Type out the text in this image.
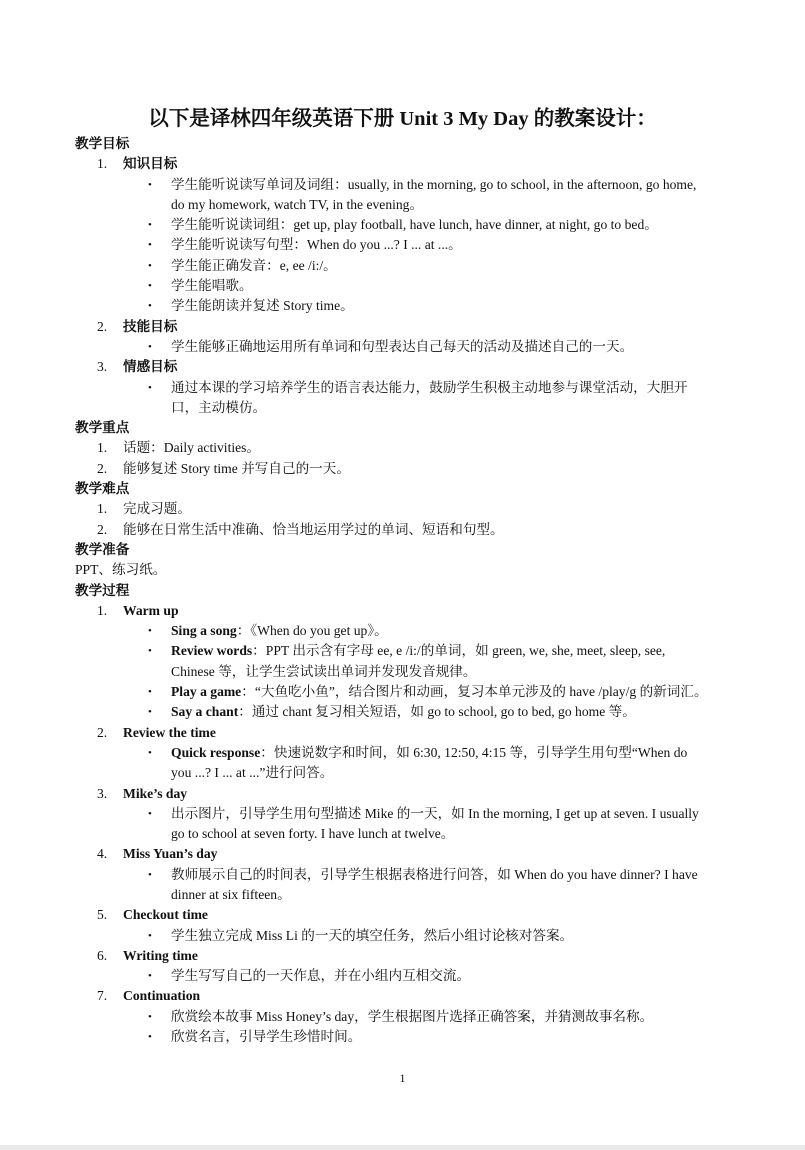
以下是译林四年级英语下册 Unit 3 My Day 的教案设计：
教学目标
1. 知识目标
• 学生能听说读写单词及词组：usually, in the morning, go to school, in the afternoon, go home,
do my homework, watch TV, in the evening。
• 学生能听说读词组：get up, play football, have lunch, have dinner, at night, go to bed。
• 学生能听说读写句型：When do you ...? I ... at ...。
• 学生能正确发音：e, ee /i:/。
• 学生能唱歌。
• 学生能朗读并复述 Story time。
2. 技能目标
• 学生能够正确地运用所有单词和句型表达自己每天的活动及描述自己的一天。
3. 情感目标
• 通过本课的学习培养学生的语言表达能力，鼓励学生积极主动地参与课堂活动，大胆开
口，主动模仿。
教学重点
1. 话题：Daily activities。
2. 能够复述 Story time 并写自己的一天。
教学难点
1. 完成习题。
2. 能够在日常生活中准确、恰当地运用学过的单词、短语和句型。
教学准备
PPT、练习纸。
教学过程
1. Warm up
• Sing a song：《When do you get up》。
• Review words：PPT 出示含有字母 ee, e /i:/的单词，如 green, we, she, meet, sleep, see,
Chinese 等，让学生尝试读出单词并发现发音规律。
• Play a game：“大鱼吃小鱼”，结合图片和动画，复习本单元涉及的 have /play/g 的新词汇。
• Say a chant：通过 chant 复习相关短语，如 go to school, go to bed, go home 等。
2. Review the time
• Quick response：快速说数字和时间，如 6:30, 12:50, 4:15 等，引导学生用句型“When do
you ...? I ... at ...”进行问答。
3. Mike’s day
• 出示图片，引导学生用句型描述 Mike 的一天，如 In the morning, I get up at seven. I usually
go to school at seven forty. I have lunch at twelve。
4. Miss Yuan’s day
• 教师展示自己的时间表，引导学生根据表格进行问答，如 When do you have dinner? I have
dinner at six fifteen。
5. Checkout time
• 学生独立完成 Miss Li 的一天的填空任务，然后小组讨论核对答案。
6. Writing time
• 学生写写自己的一天作息，并在小组内互相交流。
7. Continuation
• 欣赏绘本故事 Miss Honey’s day，学生根据图片选择正确答案，并猜测故事名称。
• 欣赏名言，引导学生珍惜时间。
1
